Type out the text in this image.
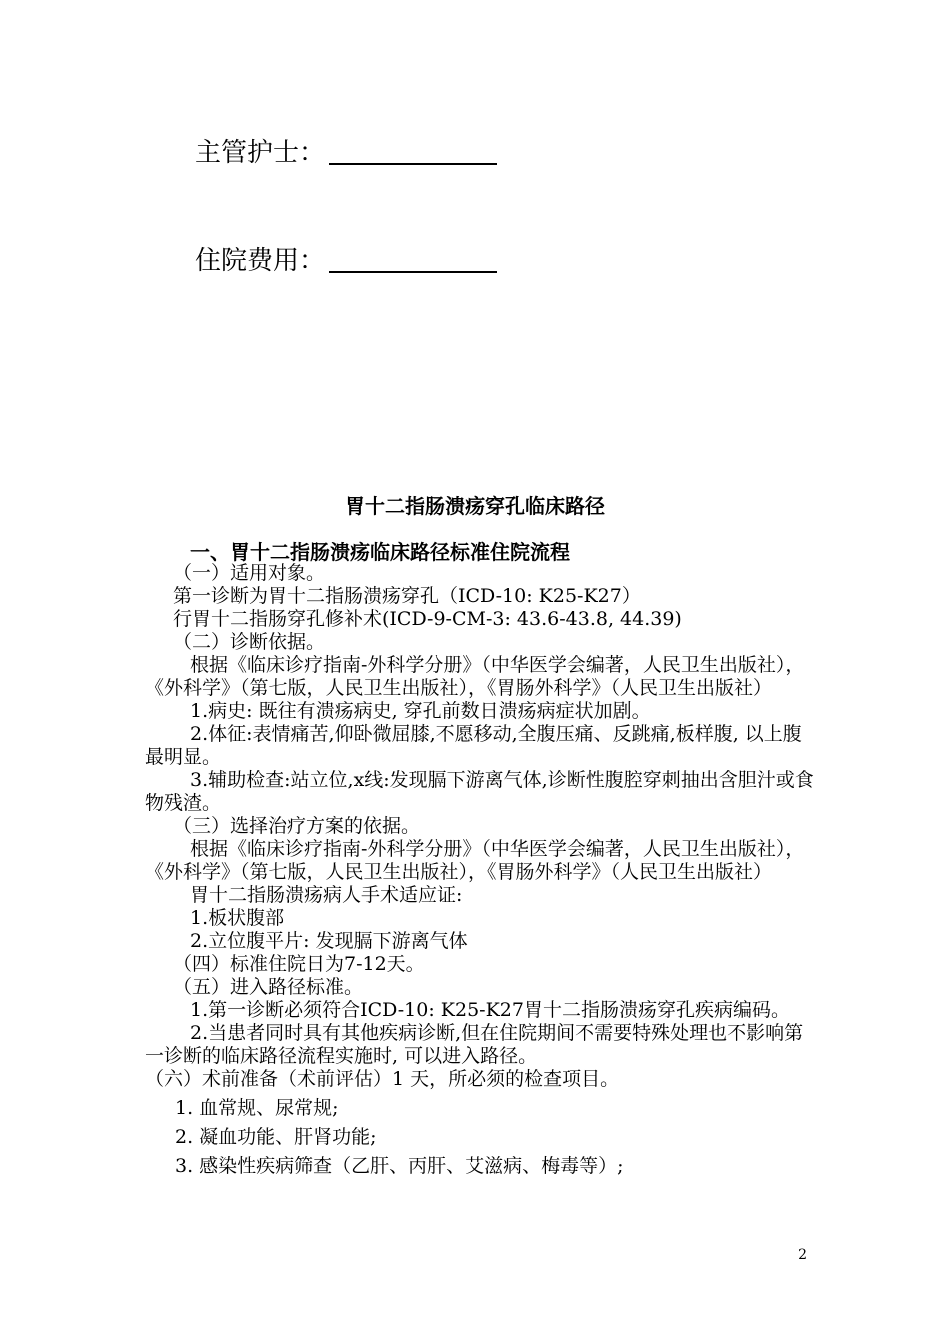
主管护士：
住院费用：
胃十二指肠溃疡穿孔临床路径
一、胃十二指肠溃疡临床路径标准住院流程

（一）适用对象。

第一诊断为胃十二指肠溃疡穿孔（ICD-10: K25-K27）

行胃十二指肠穿孔修补术(ICD-9-CM-3: 43.6-43.8, 44.39)

（二）诊断依据。

根据《临床诊疗指南-外科学分册》（中华医学会编著，人民卫生出版社），《外科学》（第七版，人民卫生出版社），《胃肠外科学》（人民卫生出版社）

1.病史: 既往有溃疡病史, 穿孔前数日溃疡病症状加剧。

2.体征:表情痛苦,仰卧微屈膝,不愿移动,全腹压痛、反跳痛,板样腹, 以上腹最明显。

3.辅助检查:站立位,x线:发现膈下游离气体,诊断性腹腔穿刺抽出含胆汁或食物残渣。

（三）选择治疗方案的依据。

根据《临床诊疗指南-外科学分册》（中华医学会编著，人民卫生出版社），《外科学》（第七版，人民卫生出版社），《胃肠外科学》（人民卫生出版社）

胃十二指肠溃疡病人手术适应证:

1.板状腹部

2.立位腹平片: 发现膈下游离气体

（四）标准住院日为7-12天。

（五）进入路径标准。

1.第一诊断必须符合ICD-10: K25-K27胃十二指肠溃疡穿孔疾病编码。

2.当患者同时具有其他疾病诊断,但在住院期间不需要特殊处理也不影响第一诊断的临床路径流程实施时, 可以进入路径。

（六）术前准备（术前评估）1 天，所必须的检查项目。

1. 血常规、尿常规;

2. 凝血功能、肝肾功能;

3. 感染性疾病筛查（乙肝、丙肝、艾滋病、梅毒等）;

2
